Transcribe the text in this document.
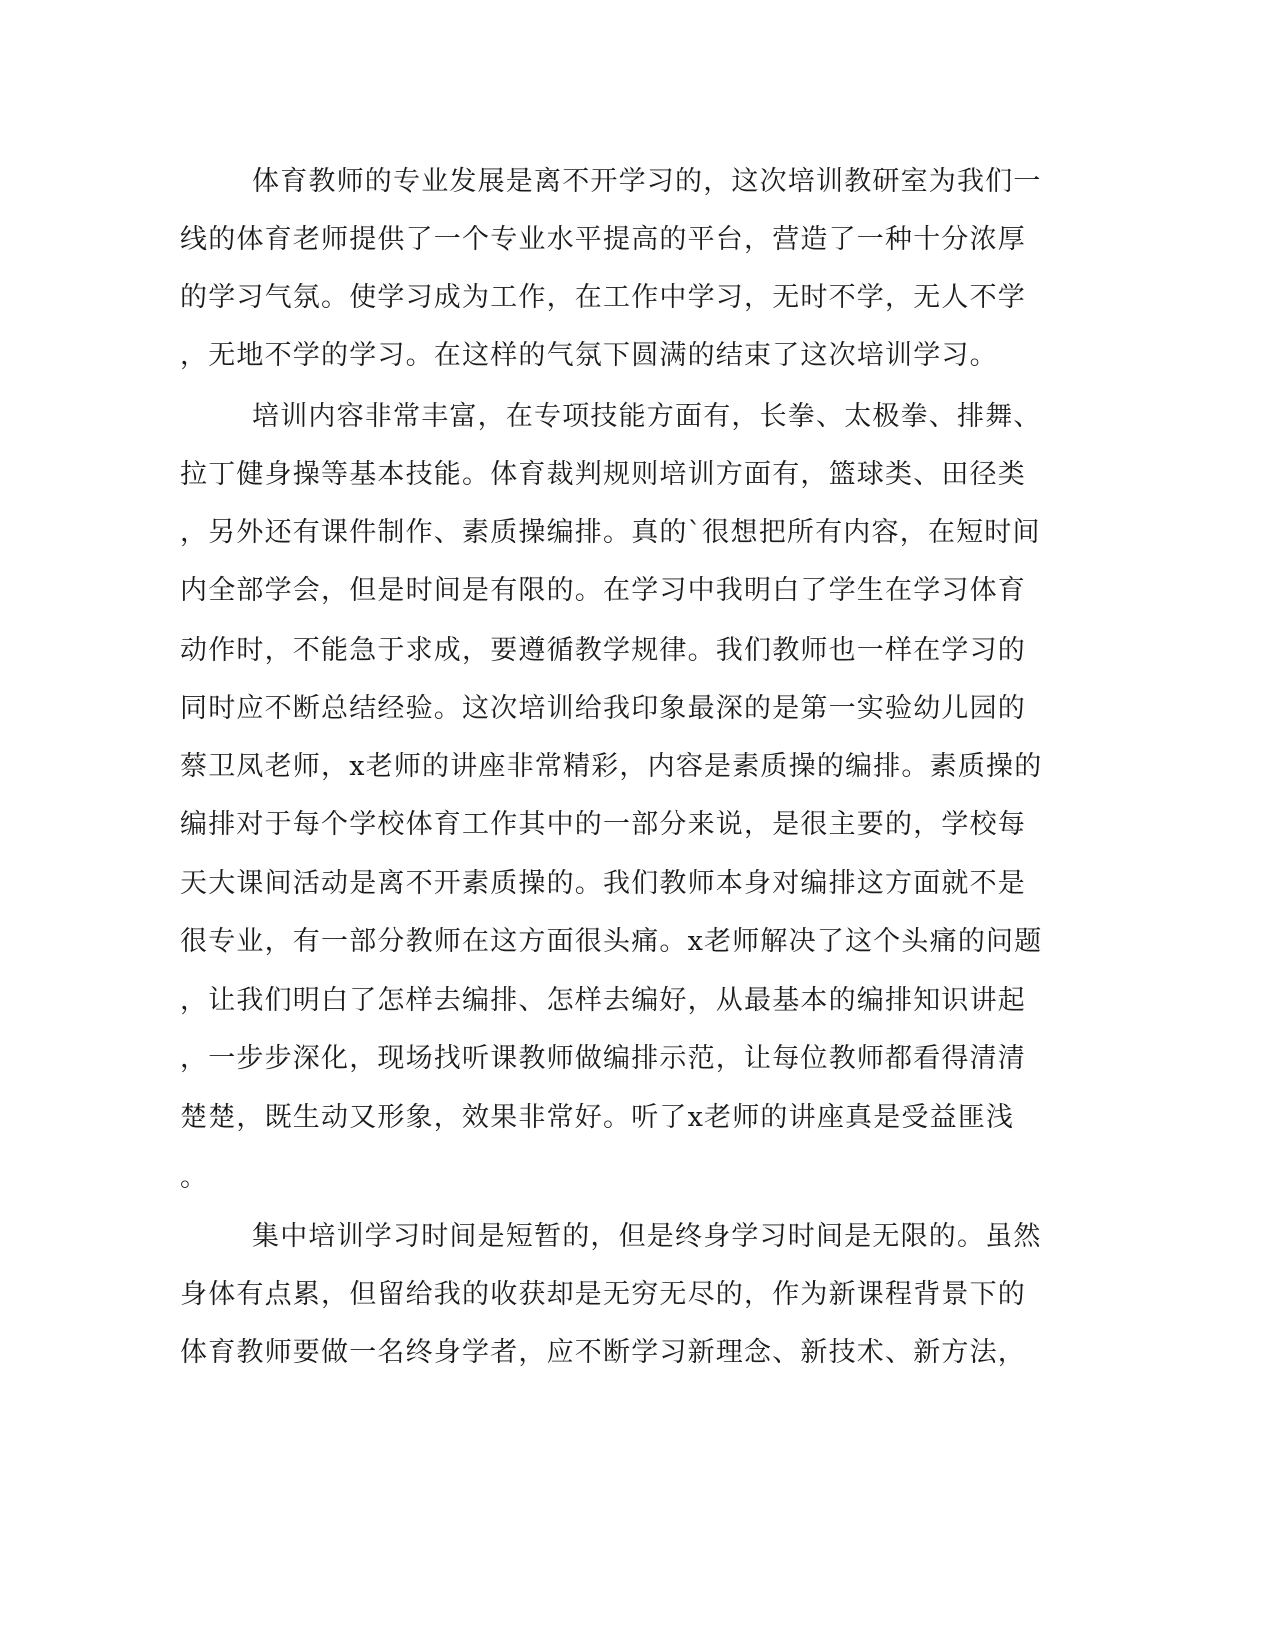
体育教师的专业发展是离不开学习的，这次培训教研室为我们一
线的体育老师提供了一个专业水平提高的平台，营造了一种十分浓厚
的学习气氛。使学习成为工作，在工作中学习，无时不学，无人不学
，无地不学的学习。在这样的气氛下圆满的结束了这次培训学习。
培训内容非常丰富，在专项技能方面有，长拳、太极拳、排舞、
拉丁健身操等基本技能。体育裁判规则培训方面有，篮球类、田径类
，另外还有课件制作、素质操编排。真的`很想把所有内容，在短时间
内全部学会，但是时间是有限的。在学习中我明白了学生在学习体育
动作时，不能急于求成，要遵循教学规律。我们教师也一样在学习的
同时应不断总结经验。这次培训给我印象最深的是第一实验幼儿园的
蔡卫凤老师，x老师的讲座非常精彩，内容是素质操的编排。素质操的
编排对于每个学校体育工作其中的一部分来说，是很主要的，学校每
天大课间活动是离不开素质操的。我们教师本身对编排这方面就不是
很专业，有一部分教师在这方面很头痛。x老师解决了这个头痛的问题
，让我们明白了怎样去编排、怎样去编好，从最基本的编排知识讲起
，一步步深化，现场找听课教师做编排示范，让每位教师都看得清清
楚楚，既生动又形象，效果非常好。听了x老师的讲座真是受益匪浅
。
集中培训学习时间是短暂的，但是终身学习时间是无限的。虽然
身体有点累，但留给我的收获却是无穷无尽的，作为新课程背景下的
体育教师要做一名终身学者，应不断学习新理念、新技术、新方法，
